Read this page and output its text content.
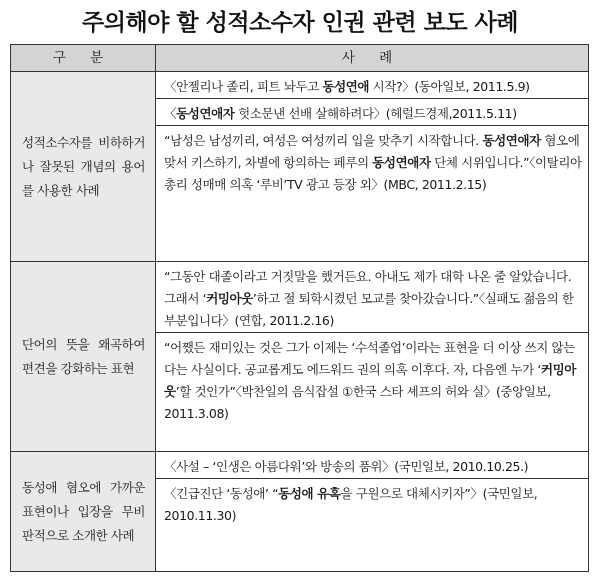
주의해야 할 성적소수자 인권 관련 보도 사례
구 분	사 례
성적소수자를 비하하거나 잘못된 개념의 용어를 사용한 사례	〈안젤리나 졸리, 피트 놔두고 동성연애 시작?〉(동아일보, 2011.5.9)
〈동성연애자 헛소문낸 선배 살해하려다〉(헤럴드경제,2011.5.11)
“남성은 남성끼리, 여성은 여성끼리 입을 맞추기 시작합니다. 동성연애자 혐오에 맞서 키스하기, 차별에 항의하는 페루의 동성연애자 단체 시위입니다.”〈이탈리아 총리 성매매 의혹 ‘루비’TV 광고 등장 외〉(MBC, 2011.2.15)

단어의 뜻을 왜곡하여 편견을 강화하는 표현	“그동안 대졸이라고 거짓말을 했거든요. 아내도 제가 대학 나온 줄 알았습니다. 그래서 ‘커밍아웃’하고 절 퇴학시켰던 모교를 찾아갔습니다.”〈실패도 젊음의 한부분입니다〉(연합, 2011.2.16)
“어쨌든 재미있는 것은 그가 이제는 ‘수석졸업’이라는 표현을 더 이상 쓰지 않는다는 사실이다. 공교롭게도 에드워드 권의 의혹 이후다. 자, 다음엔 누가 ‘커밍아웃’할 것인가”〈박찬일의 음식잡설 ①한국 스타 셰프의 허와 실〉(중앙일보, 2011.3.08)

동성애 혐오에 가까운 표현이나 입장을 무비판적으로 소개한 사례	〈사설 – ‘인생은 아름다워’와 방송의 품위〉(국민일보, 2010.10.25.)
〈긴급진단 ‘동성애’ “동성애 유혹을 구원으로 대체시키자”〉(국민일보, 2010.11.30)
